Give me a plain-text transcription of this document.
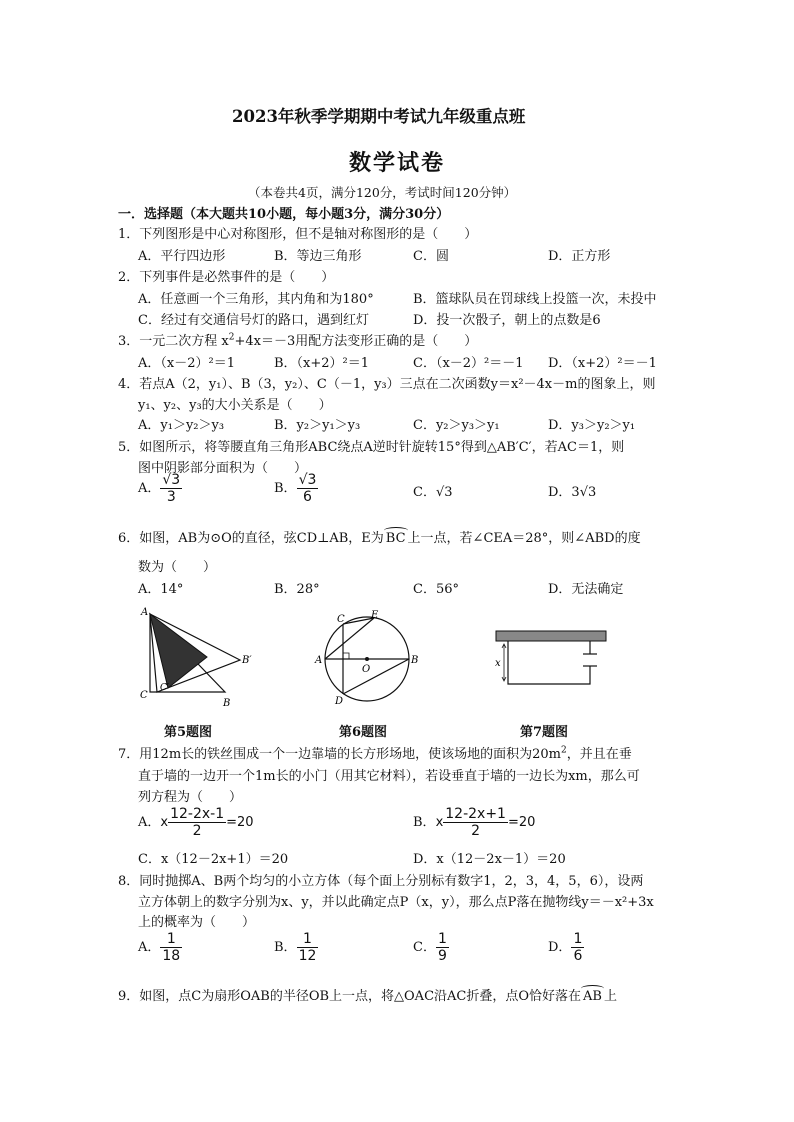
2023年秋季学期期中考试九年级重点班
数学试卷
（本卷共4页，满分120分，考试时间120分钟）
一．选择题（本大题共10小题，每小题3分，满分30分）
1．下列图形是中心对称图形，但不是轴对称图形的是（　　）
A．平行四边形	B．等边三角形	C．圆	D．正方形
2．下列事件是必然事件的是（　　）
A．任意画一个三角形，其内角和为180°	B．篮球队员在罚球线上投篮一次，未投中
C．经过有交通信号灯的路口，遇到红灯	D．投一次骰子，朝上的点数是6
3．一元二次方程 $x^2+4x=-3$用配方法变形正确的是（　　）
A．（x－2）²＝1	B．（x+2）²＝1	C．（x－2）²＝－1 D．（x+2）²＝－1
4．若点A（2，y₁）、B（3，y₂）、C（－1，y₃）三点在二次函数y＝x²－4x－m的图象上，则
y₁、y₂、y₃的大小关系是（　　）
A．y₁＞y₂＞y₃	B．y₂＞y₁＞y₃	C．y₂＞y₃＞y₁	D．y₃＞y₂＞y₁
5．如图所示，将等腰直角三角形ABC绕点A逆时针旋转15°得到△AB′C′，若AC＝1，则
图中阴影部分面积为（　　）
A． $\frac{√3}{3}$	B． $\frac{√3}{6}$	C．√3	D．3√3
6．如图，AB为⊙O的直径，弦CD⊥AB，E为 BC 上一点，若∠CEA＝28°，则∠ABD的度
数为（　　）
A．14°	B．28°	C．56°	D．无法确定
A
B′
C′
C
B
第5题图
C	E
A
O
B
D
第6题图
x
第7题图
7．用12m长的铁丝围成一个一边靠墙的长方形场地，使该场地的面积为$20m^2$，并且在垂
直于墙的一边开一个1m长的小门（用其它材料），若设垂直于墙的一边长为xm，那么可
列方程为（　　）
A．x $\frac{12-2x-1}{2} =20$	B．x $\frac{12-2x+1}{2} =20$
C．x（12－2x+1）＝20	D．x（12－2x－1）＝20
8．同时抛掷A、B两个均匀的小立方体（每个面上分别标有数字1，2，3，4，5，6），设两
立方体朝上的数字分别为x、y，并以此确定点P（x，y），那么点P落在抛物线y＝－x²+3x
上的概率为（　　）
A． $\frac{1}{18}$	B． $\frac{1}{12}$	C． $\frac{1}{9}$	D． $\frac{1}{6}$
9．如图，点C为扇形OAB的半径OB上一点，将△OAC沿AC折叠，点O恰好落在 AB 上
